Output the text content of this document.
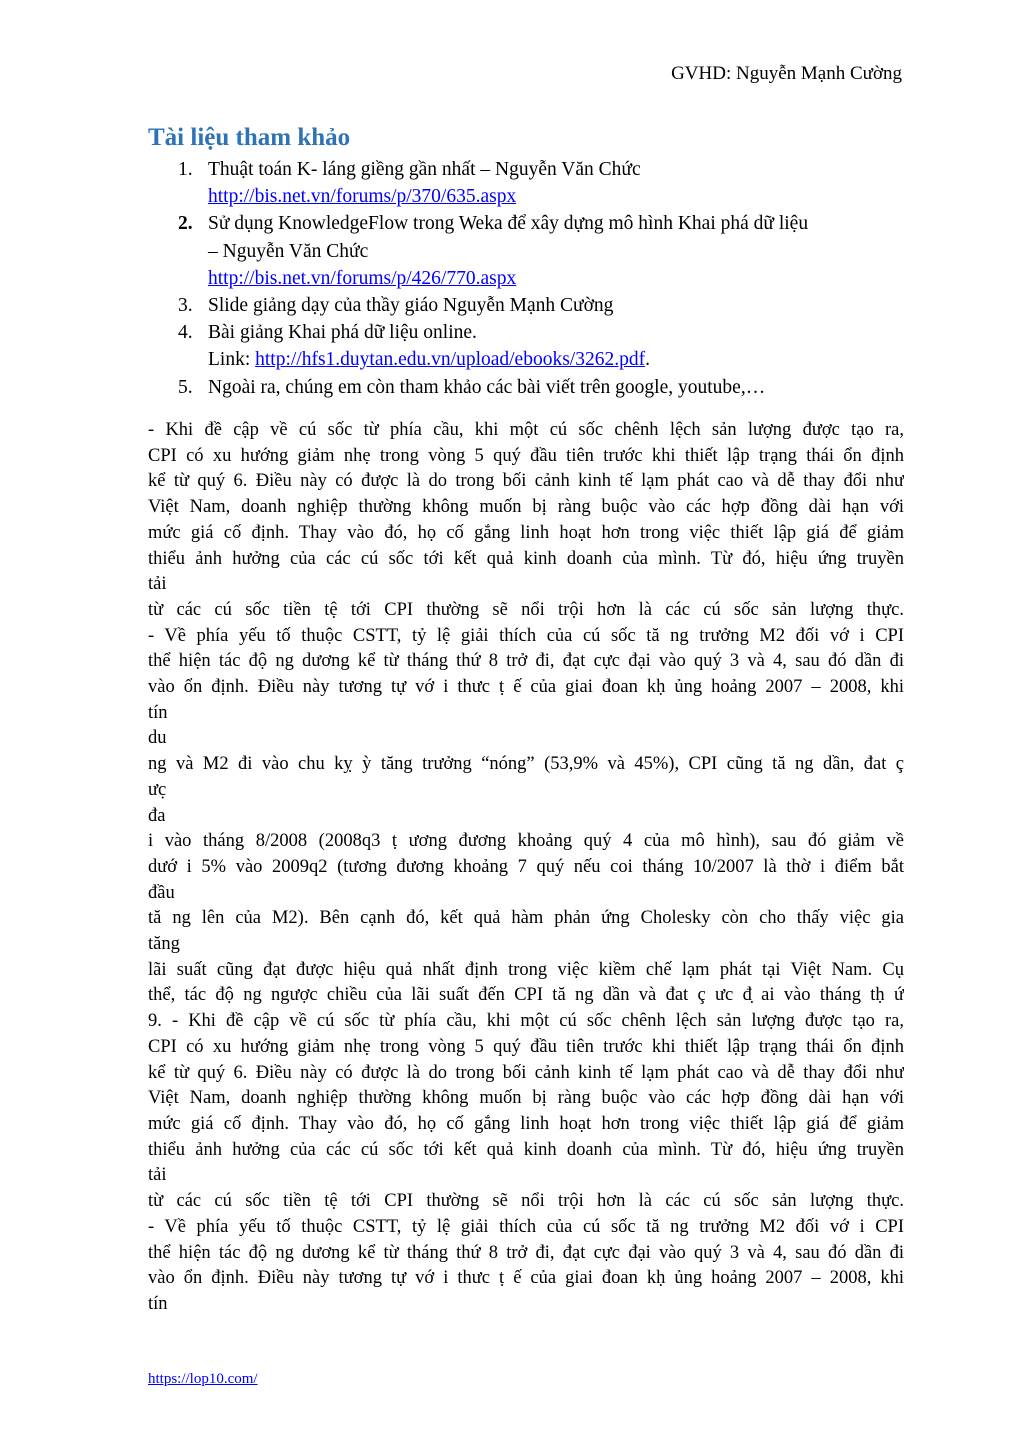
GVHD: Nguyễn Mạnh Cường
Tài liệu tham khảo
1. Thuật toán K- láng giềng gần nhất – Nguyễn Văn Chức
http://bis.net.vn/forums/p/370/635.aspx
2. Sử dụng KnowledgeFlow trong Weka để xây dựng mô hình Khai phá dữ liệu
– Nguyễn Văn Chức
http://bis.net.vn/forums/p/426/770.aspx
3. Slide giảng dạy của thầy giáo Nguyễn Mạnh Cường
4. Bài giảng Khai phá dữ liệu online.
Link: http://hfs1.duytan.edu.vn/upload/ebooks/3262.pdf.
5. Ngoài ra, chúng em còn tham khảo các bài viết trên google, youtube,…
- Khi đề cập về cú sốc từ phía cầu, khi một cú sốc chênh lệch sản lượng được tạo ra,
CPI có xu hướng giảm nhẹ trong vòng 5 quý đầu tiên trước khi thiết lập trạng thái ổn định
kể từ quý 6. Điều này có được là do trong bối cảnh kinh tế lạm phát cao và dễ thay đổi như
Việt Nam, doanh nghiệp thường không muốn bị ràng buộc vào các hợp đồng dài hạn với
mức giá cố định. Thay vào đó, họ cố gắng linh hoạt hơn trong việc thiết lập giá để giảm
thiểu ảnh hưởng của các cú sốc tới kết quả kinh doanh của mình. Từ đó, hiệu ứng truyền
tải
từ các cú sốc tiền tệ tới CPI thường sẽ nổi trội hơn là các cú sốc sản lượng thực.
- Về phía yếu tố thuộc CSTT, tỷ lệ giải thích của cú sốc tă ng trưởng M2 đối vớ i CPI
thể hiện tác độ ng dương kể từ tháng thứ 8 trở đi, đạt cực đại vào quý 3 và 4, sau đó dần đi
vào ổn định. Điều này tương tự vớ i thưc ṭ ế của giai đoan kḥ ủng hoảng 2007 – 2008, khi
tín
du
ng và M2 đi vào chu kỵ ỳ tăng trưởng “nóng” (53,9% và 45%), CPI cũng tă ng dần, đat ç
ưc̣
đa
i vào tháng 8/2008 (2008q3 ṭ ương đương khoảng quý 4 của mô hình), sau đó giảm về
dướ i 5% vào 2009q2 (tương đương khoảng 7 quý nếu coi tháng 10/2007 là thờ i điểm bắt
đầu
tă ng lên của M2). Bên cạnh đó, kết quả hàm phản ứng Cholesky còn cho thấy việc gia
tăng
lãi suất cũng đạt được hiệu quả nhất định trong việc kiềm chế lạm phát tại Việt Nam. Cụ
thể, tác độ ng ngược chiều của lãi suất đến CPI tă ng dần và đat ç ưc đ̣ ai vào tháng tḥ ứ
9. - Khi đề cập về cú sốc từ phía cầu, khi một cú sốc chênh lệch sản lượng được tạo ra,
CPI có xu hướng giảm nhẹ trong vòng 5 quý đầu tiên trước khi thiết lập trạng thái ổn định
kể từ quý 6. Điều này có được là do trong bối cảnh kinh tế lạm phát cao và dễ thay đổi như
Việt Nam, doanh nghiệp thường không muốn bị ràng buộc vào các hợp đồng dài hạn với
mức giá cố định. Thay vào đó, họ cố gắng linh hoạt hơn trong việc thiết lập giá để giảm
thiểu ảnh hưởng của các cú sốc tới kết quả kinh doanh của mình. Từ đó, hiệu ứng truyền
tải
từ các cú sốc tiền tệ tới CPI thường sẽ nổi trội hơn là các cú sốc sản lượng thực.
- Về phía yếu tố thuộc CSTT, tỷ lệ giải thích của cú sốc tă ng trưởng M2 đối vớ i CPI
thể hiện tác độ ng dương kể từ tháng thứ 8 trở đi, đạt cực đại vào quý 3 và 4, sau đó dần đi
vào ổn định. Điều này tương tự vớ i thưc ṭ ế của giai đoan kḥ ủng hoảng 2007 – 2008, khi
tín
https://lop10.com/
